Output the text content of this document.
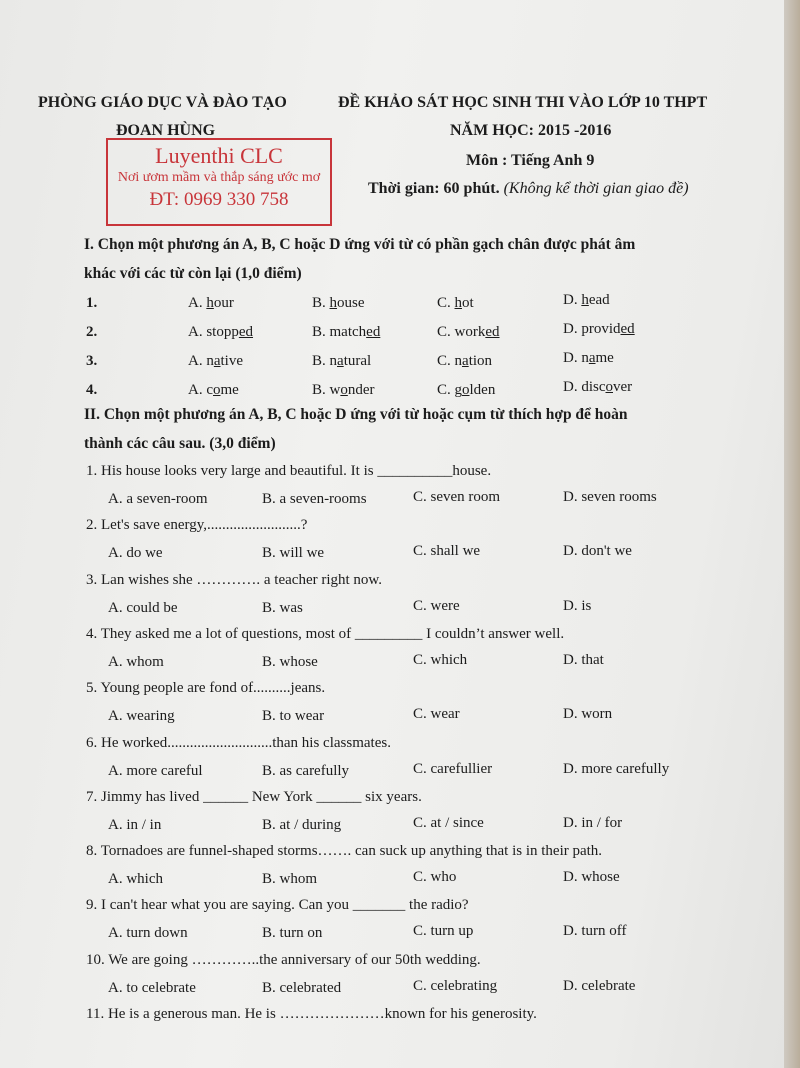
PHÒNG GIÁO DỤC VÀ ĐÀO TẠO
ĐOAN HÙNG
ĐỀ KHẢO SÁT HỌC SINH THI VÀO LỚP 10 THPT
NĂM HỌC: 2015 -2016
Môn : Tiếng Anh 9
Thời gian: 60 phút. (Không kể thời gian giao đề)
Luyenthi CLC
Nơi ươm mầm và thắp sáng ước mơ
ĐT: 0969 330 758
I. Chọn một phương án A, B, C hoặc D ứng với từ có phần gạch chân được phát âm
khác với các từ còn lại (1,0 điểm)
1.	A. hour	B. house	C. hot	D. head
2.	A. stopped	B. matched	C. worked	D. provided
3.	A. native	B. natural	C. nation	D. name
4.	A. come	B. wonder	C. golden	D. discover
II. Chọn một phương án A, B, C hoặc D ứng với từ hoặc cụm từ thích hợp để hoàn
thành các câu sau. (3,0 điểm)
1. His house looks very large and beautiful. It is __________house.
A. a seven-room	B. a seven-rooms	C. seven room	D. seven rooms
2. Let's save energy,.........................?
A. do we	B. will we	C. shall we	D. don't we
3. Lan wishes she …………. a teacher right now.
A. could be	B. was	C. were	D. is
4. They asked me a lot of questions, most of _________ I couldn’t answer well.
A. whom	B. whose	C. which	D. that
5. Young people are fond of..........jeans.
A. wearing	B. to wear	C. wear	D. worn
6. He worked............................than his classmates.
A. more careful	B. as carefully	C. carefullier	D. more carefully
7. Jimmy has lived ______ New York ______ six years.
A. in / in	B. at / during	C. at / since	D. in / for
8. Tornadoes are funnel-shaped storms……. can suck up anything that is in their path.
A. which	B. whom	C. who	D. whose
9. I can't hear what you are saying. Can you _______ the radio?
A. turn down	B. turn on	C. turn up	D. turn off
10. We are going …………..the anniversary of our 50th wedding.
A. to celebrate	B. celebrated	C. celebrating	D. celebrate
11. He is a generous man. He is …………………known for his generosity.
